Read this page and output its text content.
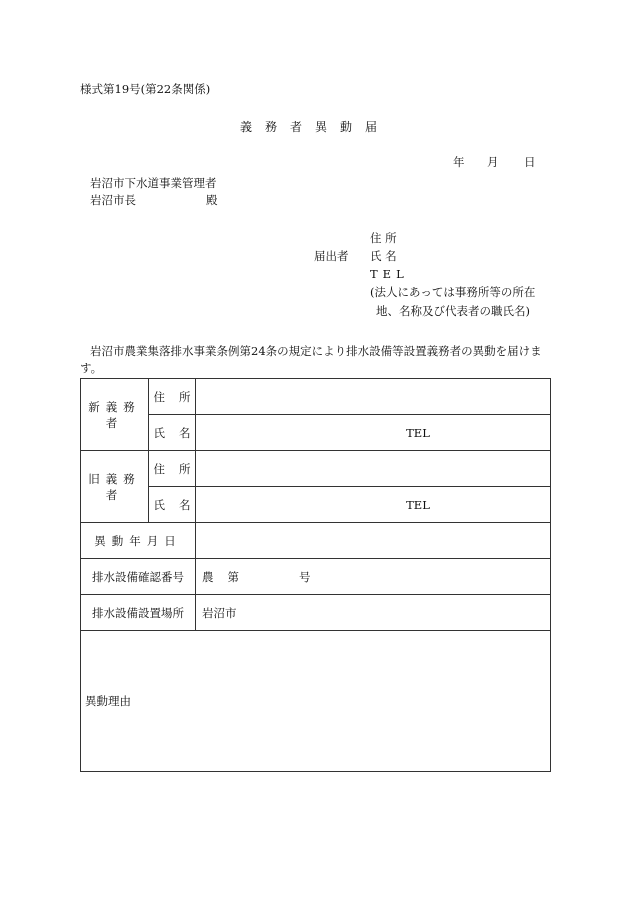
様式第19号(第22条関係)
義務者異動届
年 月 日
岩沼市下水道事業管理者
岩沼市長	殿
住 所
届出者 氏 名
TEL
(法人にあっては事務所等の所在
地、名称及び代表者の職氏名)
岩沼市農業集落排水事業条例第24条の規定により排水設備等設置義務者の異動を届けます。
新義務者	住 所	
	氏 名	TEL
旧義務者	住 所	
	氏 名	TEL
異動年月日		
排水設備確認番号		農 第 号
排水設備設置場所		岩沼市
異動理由		
